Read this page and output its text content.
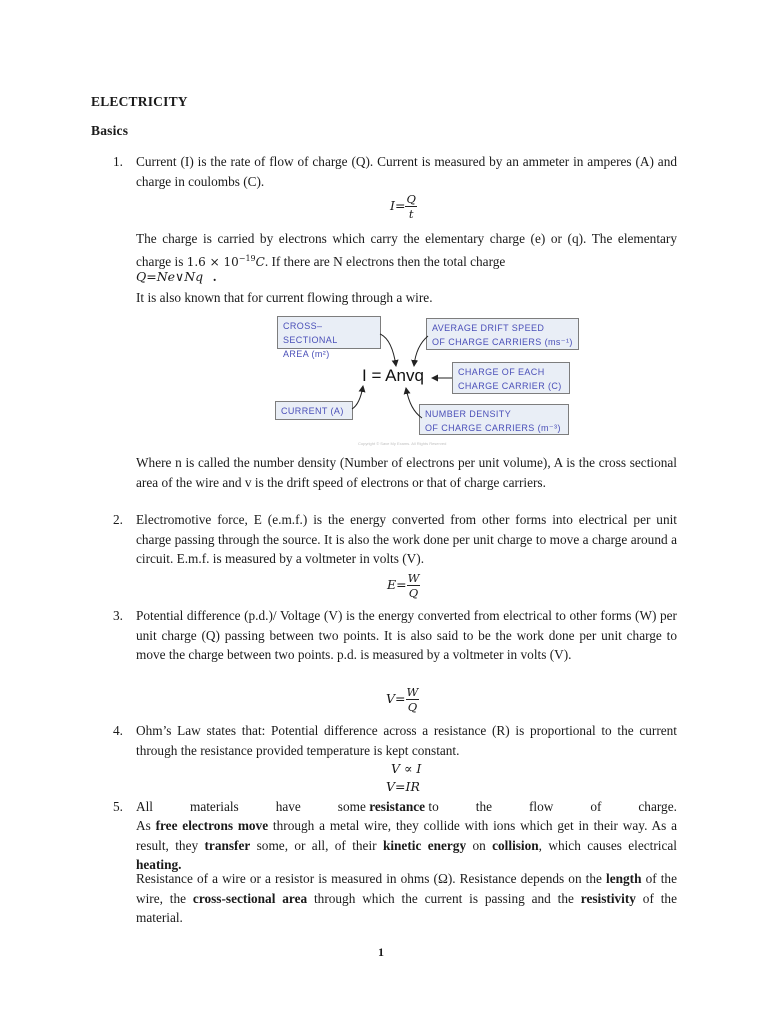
ELECTRICITY
Basics
1. Current (I) is the rate of flow of charge (Q). Current is measured by an ammeter in amperes (A) and charge in coulombs (C).
$I= \frac{Q}{t}$
The charge is carried by electrons which carry the elementary charge (e) or (q). The elementary charge is $1.6 \times 10^{-19}C$. If there are N electrons then the total charge
Q=Ne∨Nq .
It is also known that for current flowing through a wire.
CROSS–SECTIONAL
AREA (m²)
AVERAGE DRIFT SPEED
OF CHARGE CARRIERS (ms⁻¹)
CHARGE OF EACH
CHARGE CARRIER (C)
CURRENT (A)	NUMBER DENSITY
OF CHARGE CARRIERS (m⁻³)
I = Anvq
Copyright © Save My Exams. All Rights Reserved
Where n is called the number density (Number of electrons per unit volume), A is the cross sectional area of the wire and v is the drift speed of electrons or that of charge carriers.
2. Electromotive force, E (e.m.f.) is the energy converted from other forms into electrical per unit charge passing through the source. It is also the work done per unit charge to move a charge around a circuit. E.m.f. is measured by a voltmeter in volts (V).
$E= \frac{W}{Q}$
3. Potential difference (p.d.)/ Voltage (V) is the energy converted from electrical to other forms (W) per unit charge (Q) passing between two points. It is also said to be the work done per unit charge to move the charge between two points. p.d. is measured by a voltmeter in volts (V).
$V= \frac{W}{Q}$
4. Ohm’s Law states that: Potential difference across a resistance (R) is proportional to the current through the resistance provided temperature is kept constant.
V ∝ I
V=IR
5. All	materials	have	some resistance to	the	flow	of	charge.
As free electrons move through a metal wire, they collide with ions which get in their way. As a result, they transfer some, or all, of their kinetic energy on collision, which causes electrical heating.
Resistance of a wire or a resistor is measured in ohms (Ω). Resistance depends on the length of the wire, the cross-sectional area through which the current is passing and the resistivity of the material.
1
